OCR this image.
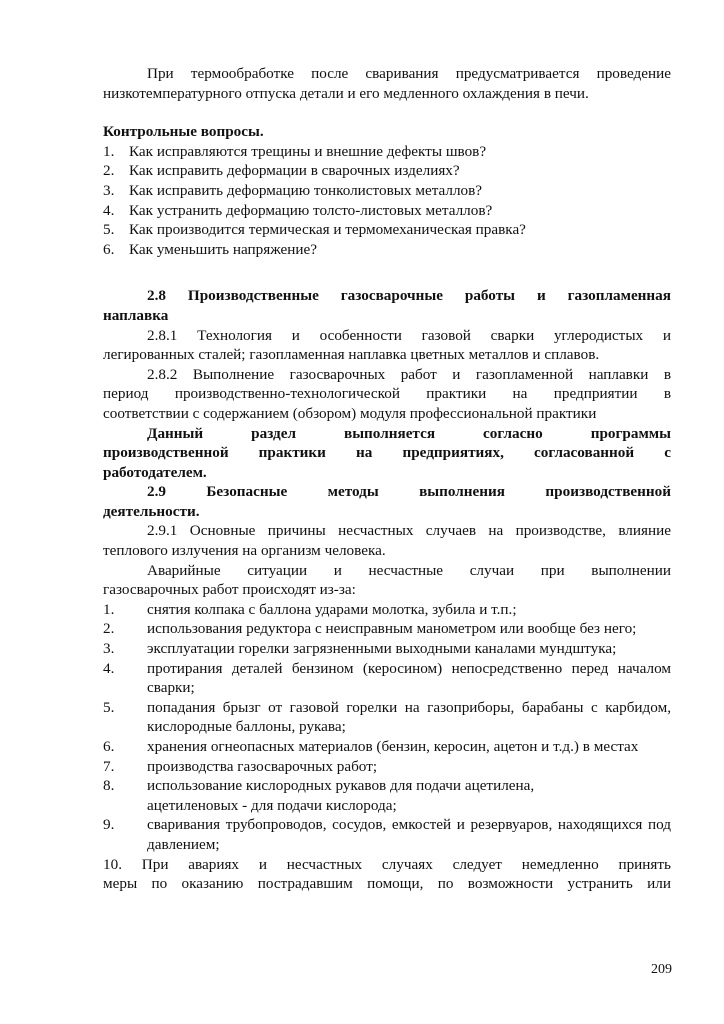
При термообработке после сваривания предусматривается проведение

низкотемпературного отпуска детали и его медленного охлаждения в печи.

Контрольные вопросы.

1. Как исправляются трещины и внешние дефекты швов?
2. Как исправить деформации в сварочных изделиях?
3. Как исправить деформацию тонколистовых металлов?
4. Как устранить деформацию толсто-листовых металлов?
5. Как производится термическая и термомеханическая правка?
6. Как уменьшить напряжение?

2.8 Производственные газосварочные работы и газопламенная

наплавка

2.8.1 Технология и особенности газовой сварки углеродистых и

легированных сталей; газопламенная наплавка цветных металлов и сплавов.

2.8.2 Выполнение газосварочных работ и газопламенной наплавки в

период производственно-технологической практики на предприятии в

соответствии с содержанием (обзором) модуля профессиональной практики

Данный раздел выполняется согласно программы

производственной практики на предприятиях, согласованной с

работодателем.

2.9 Безопасные методы выполнения производственной

деятельности.

2.9.1 Основные причины несчастных случаев на производстве, влияние

теплового излучения на организм человека.

Аварийные ситуации и несчастные случаи при выполнении

газосварочных работ происходят из-за:

1.	снятия колпака с баллона ударами молотка, зубила и т.п.;
2.	использования редуктора с неисправным манометром или вообще без него;
3.	эксплуатации горелки загрязненными выходными каналами мундштука;
4.	протирания деталей бензином (керосином) непосредственно перед началом сварки;
5.	попадания брызг от газовой горелки на газоприборы, барабаны с карбидом, кислородные баллоны, рукава;
6.	хранения огнеопасных материалов (бензин, керосин, ацетон и т.д.) в местах
7.	производства газосварочных работ;
8.	использование кислородных рукавов для подачи ацетилена,
ацетиленовых - для подачи кислорода;
9.	сваривания трубопроводов, сосудов, емкостей и резервуаров, находящихся под давлением;

10. При авариях и несчастных случаях следует немедленно принять

меры по оказанию пострадавшим помощи, по возможности устранить или

209
